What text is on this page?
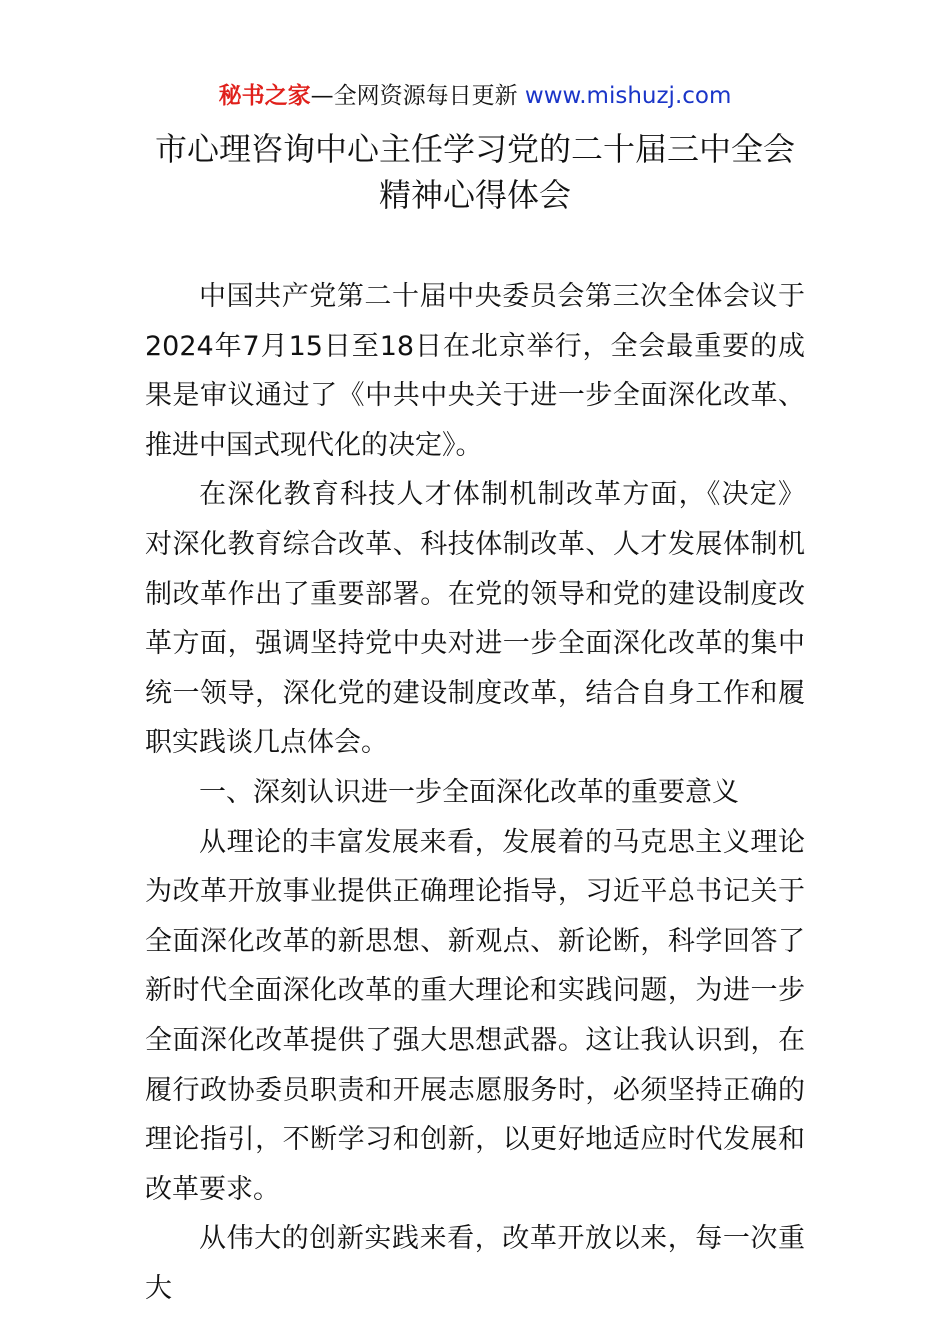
秘书之家—全网资源每日更新 www.mishuzj.com
市心理咨询中心主任学习党的二十届三中全会
精神心得体会

中国共产党第二十届中央委员会第三次全体会议于2024年7月15日至18日在北京举行，全会最重要的成果是审议通过了《中共中央关于进一步全面深化改革、推进中国式现代化的决定》。

在深化教育科技人才体制机制改革方面，《决定》对深化教育综合改革、科技体制改革、人才发展体制机制改革作出了重要部署。在党的领导和党的建设制度改革方面，强调坚持党中央对进一步全面深化改革的集中统一领导，深化党的建设制度改革，结合自身工作和履职实践谈几点体会。

一、深刻认识进一步全面深化改革的重要意义

从理论的丰富发展来看，发展着的马克思主义理论为改革开放事业提供正确理论指导，习近平总书记关于全面深化改革的新思想、新观点、新论断，科学回答了新时代全面深化改革的重大理论和实践问题，为进一步全面深化改革提供了强大思想武器。这让我认识到，在履行政协委员职责和开展志愿服务时，必须坚持正确的理论指引，不断学习和创新，以更好地适应时代发展和改革要求。

从伟大的创新实践来看，改革开放以来，每一次重大
